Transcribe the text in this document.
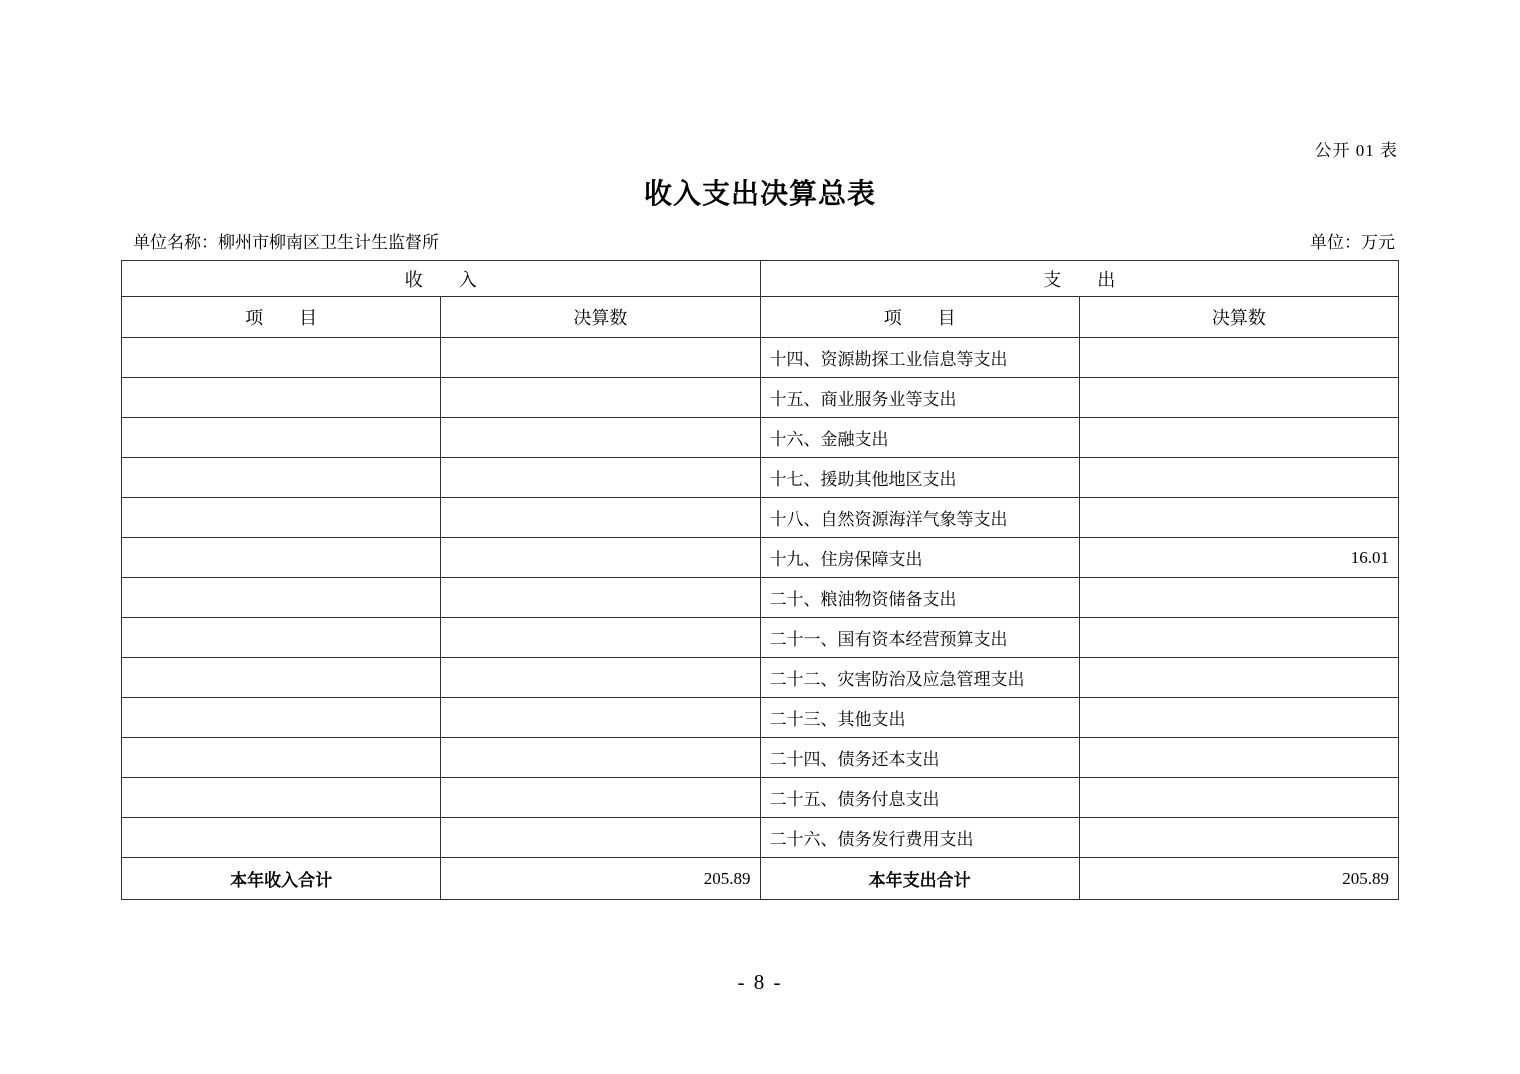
公开 01 表
收入支出决算总表
单位名称：柳州市柳南区卫生计生监督所	单位：万元
收　　入		支　　出	
项　　目	决算数	项　　目	决算数
		十四、资源勘探工业信息等支出	
		十五、商业服务业等支出	
		十六、金融支出	
		十七、援助其他地区支出	
		十八、自然资源海洋气象等支出	
		十九、住房保障支出	16.01
		二十、粮油物资储备支出	
		二十一、国有资本经营预算支出	
		二十二、灾害防治及应急管理支出	
		二十三、其他支出	
		二十四、债务还本支出	
		二十五、债务付息支出	
		二十六、债务发行费用支出	
本年收入合计	205.89	本年支出合计	205.89
- 8 -
